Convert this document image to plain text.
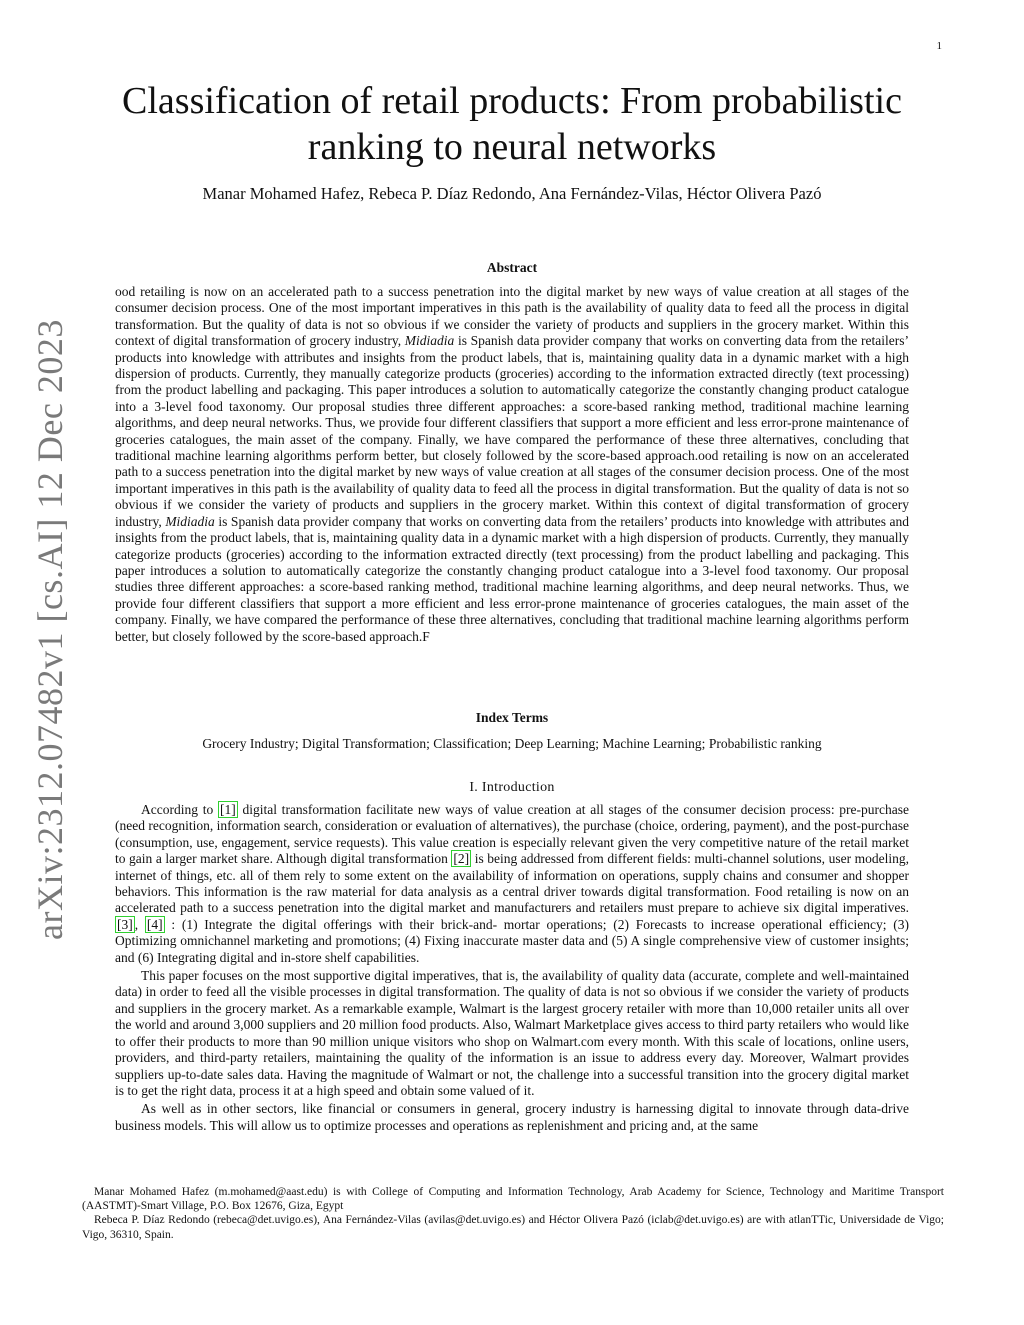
1
arXiv:2312.07482v1 [cs.AI] 12 Dec 2023
Classification of retail products: From probabilistic ranking to neural networks
Manar Mohamed Hafez, Rebeca P. Díaz Redondo, Ana Fernández-Vilas, Héctor Olivera Pazó
Abstract

ood retailing is now on an accelerated path to a success penetration into the digital market by new ways of value creation at all stages of the consumer decision process. One of the most important imperatives in this path is the availability of quality data to feed all the process in digital transformation. But the quality of data is not so obvious if we consider the variety of products and suppliers in the grocery market. Within this context of digital transformation of grocery industry, Midiadia is Spanish data provider company that works on converting data from the retailers’ products into knowledge with attributes and insights from the product labels, that is, maintaining quality data in a dynamic market with a high dispersion of products. Currently, they manually categorize products (groceries) according to the information extracted directly (text processing) from the product labelling and packaging. This paper introduces a solution to automatically categorize the constantly changing product catalogue into a 3-level food taxonomy. Our proposal studies three different approaches: a score-based ranking method, traditional machine learning algorithms, and deep neural networks. Thus, we provide four different classifiers that support a more efficient and less error-prone maintenance of groceries catalogues, the main asset of the company. Finally, we have compared the performance of these three alternatives, concluding that traditional machine learning algorithms perform better, but closely followed by the score-based approach.ood retailing is now on an accelerated path to a success penetration into the digital market by new ways of value creation at all stages of the consumer decision process. One of the most important imperatives in this path is the availability of quality data to feed all the process in digital transformation. But the quality of data is not so obvious if we consider the variety of products and suppliers in the grocery market. Within this context of digital transformation of grocery industry, Midiadia is Spanish data provider company that works on converting data from the retailers’ products into knowledge with attributes and insights from the product labels, that is, maintaining quality data in a dynamic market with a high dispersion of products. Currently, they manually categorize products (groceries) according to the information extracted directly (text processing) from the product labelling and packaging. This paper introduces a solution to automatically categorize the constantly changing product catalogue into a 3-level food taxonomy. Our proposal studies three different approaches: a score-based ranking method, traditional machine learning algorithms, and deep neural networks. Thus, we provide four different classifiers that support a more efficient and less error-prone maintenance of groceries catalogues, the main asset of the company. Finally, we have compared the performance of these three alternatives, concluding that traditional machine learning algorithms perform better, but closely followed by the score-based approach.F

Index Terms
Grocery Industry; Digital Transformation; Classification; Deep Learning; Machine Learning; Probabilistic ranking
I. Introduction

According to [1] digital transformation facilitate new ways of value creation at all stages of the consumer decision process: pre-purchase (need recognition, information search, consideration or evaluation of alternatives), the purchase (choice, ordering, payment), and the post-purchase (consumption, use, engagement, service requests). This value creation is especially relevant given the very competitive nature of the retail market to gain a larger market share. Although digital transformation [2] is being addressed from different fields: multi-channel solutions, user modeling, internet of things, etc. all of them rely to some extent on the availability of information on operations, supply chains and consumer and shopper behaviors. This information is the raw material for data analysis as a central driver towards digital transformation. Food retailing is now on an accelerated path to a success penetration into the digital market and manufacturers and retailers must prepare to achieve six digital imperatives. [3] , [4] : (1) Integrate the digital offerings with their brick-and- mortar operations; (2) Forecasts to increase operational efficiency; (3) Optimizing omnichannel marketing and promotions; (4) Fixing inaccurate master data and (5) A single comprehensive view of customer insights; and (6) Integrating digital and in-store shelf capabilities.

This paper focuses on the most supportive digital imperatives, that is, the availability of quality data (accurate, complete and well-maintained data) in order to feed all the visible processes in digital transformation. The quality of data is not so obvious if we consider the variety of products and suppliers in the grocery market. As a remarkable example, Walmart is the largest grocery retailer with more than 10,000 retailer units all over the world and around 3,000 suppliers and 20 million food products. Also, Walmart Marketplace gives access to third party retailers who would like to offer their products to more than 90 million unique visitors who shop on Walmart.com every month. With this scale of locations, online users, providers, and third-party retailers, maintaining the quality of the information is an issue to address every day. Moreover, Walmart provides suppliers up-to-date sales data. Having the magnitude of Walmart or not, the challenge into a successful transition into the grocery digital market is to get the right data, process it at a high speed and obtain some valued of it.

As well as in other sectors, like financial or consumers in general, grocery industry is harnessing digital to innovate through data-drive business models. This will allow us to optimize processes and operations as replenishment and pricing and, at the same

Manar Mohamed Hafez (m.mohamed@aast.edu) is with College of Computing and Information Technology, Arab Academy for Science, Technology and Maritime Transport (AASTMT)-Smart Village, P.O. Box 12676, Giza, Egypt

Rebeca P. Díaz Redondo (rebeca@det.uvigo.es), Ana Fernández-Vilas (avilas@det.uvigo.es) and Héctor Olivera Pazó (iclab@det.uvigo.es) are with atlanTTic, Universidade de Vigo; Vigo, 36310, Spain.
